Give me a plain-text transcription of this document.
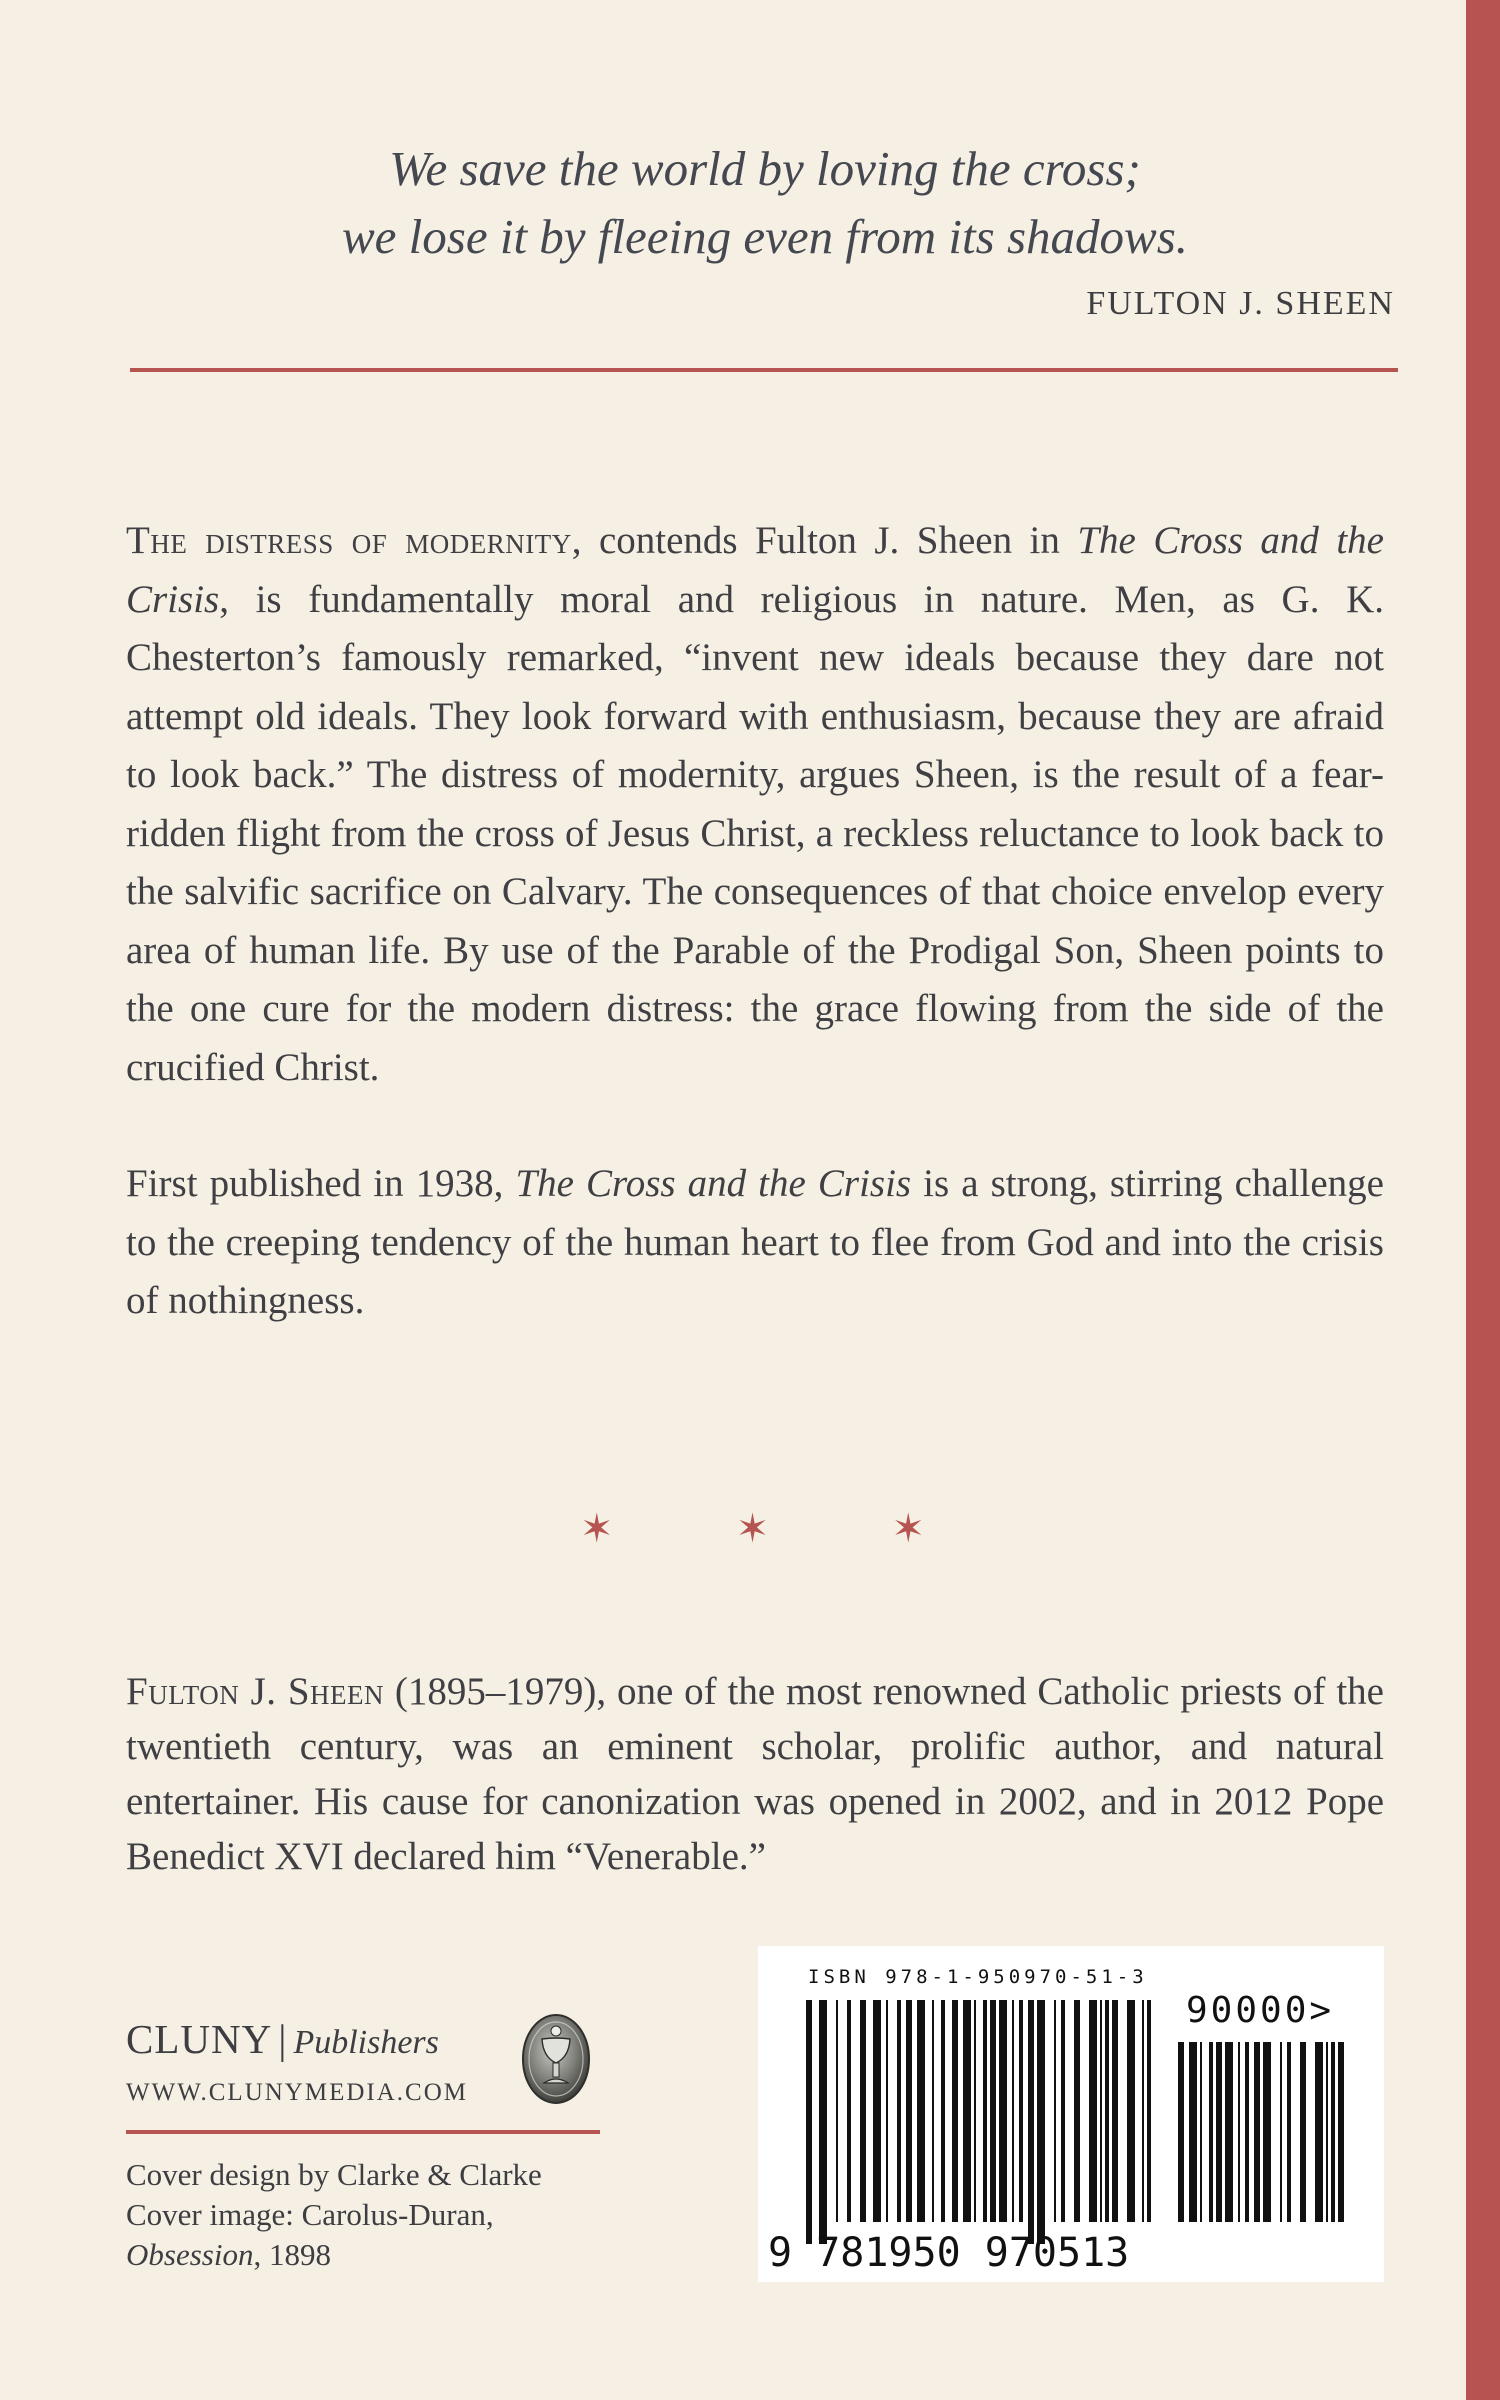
We save the world by loving the cross;
we lose it by fleeing even from its shadows.
FULTON J. SHEEN

The distress of modernity, contends Fulton J. Sheen in The Cross and the Crisis, is fundamentally moral and religious in nature. Men, as G. K. Chesterton’s famously remarked, “invent new ideals because they dare not attempt old ideals. They look forward with enthusiasm, because they are afraid to look back.” The distress of modernity, argues Sheen, is the result of a fear-ridden flight from the cross of Jesus Christ, a reckless reluctance to look back to the salvific sacrifice on Calvary. The consequences of that choice envelop every area of human life. By use of the Parable of the Prodigal Son, Sheen points to the one cure for the modern distress: the grace flowing from the side of the crucified Christ.

First published in 1938, The Cross and the Crisis is a strong, stirring challenge to the creeping tendency of the human heart to flee from God and into the crisis of nothingness.

✶	✶	✶

Fulton J. Sheen (1895–1979), one of the most renowned Catholic priests of the twentieth century, was an eminent scholar, prolific author, and natural entertainer. His cause for canonization was opened in 2002, and in 2012 Pope Benedict XVI declared him “Venerable.”

CLUNY | Publishers
WWW.CLUNYMEDIA.COM
Cover design by Clarke & Clarke
Cover image: Carolus-Duran,
Obsession, 1898
ISBN 978-1-950970-51-3
90000>
9 781950 970513
